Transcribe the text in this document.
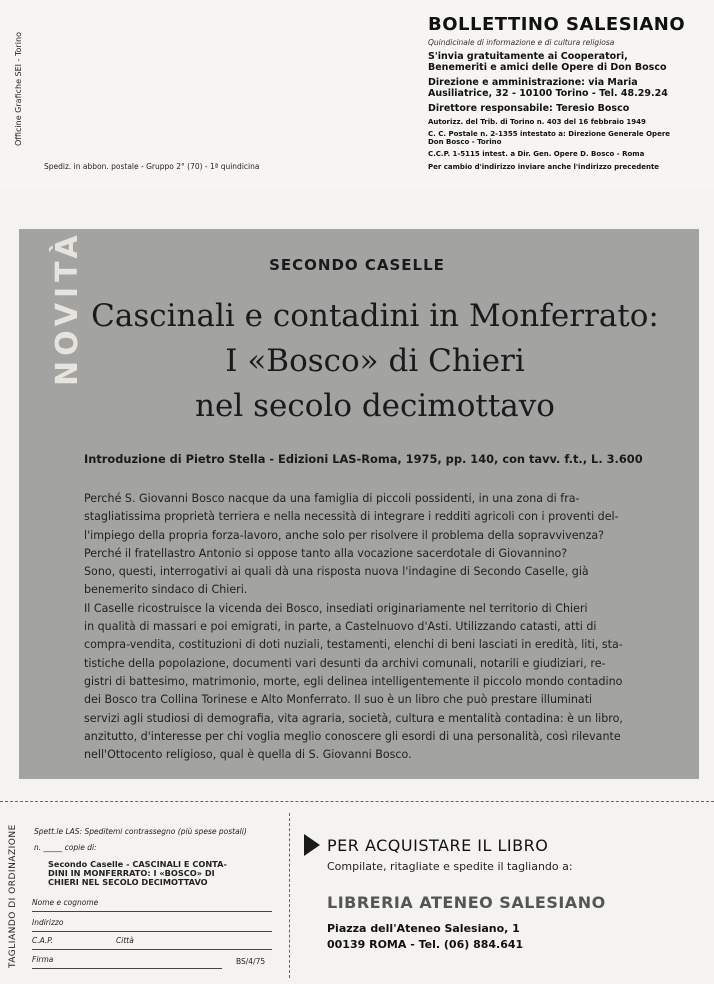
Officine Grafiche SEI - Torino
Spediz. in abbon. postale - Gruppo 2° (70) - 1ª quindicina
BOLLETTINO SALESIANO
Quindicinale di informazione e di cultura religiosa
S'invia gratuitamente ai Cooperatori, Benemeriti e amici delle Opere di Don Bosco
Direzione e amministrazione: via Maria Ausiliatrice, 32 - 10100 Torino - Tel. 48.29.24
Direttore responsabile: Teresio Bosco
Autorizz. del Trib. di Torino n. 403 del 16 febbraio 1949
C. C. Postale n. 2-1355 intestato a: Direzione Generale Opere Don Bosco - Torino
C.C.P. 1-5115 intest. a Dir. Gen. Opere D. Bosco - Roma
Per cambio d'indirizzo inviare anche l'indirizzo precedente
NOVITÀ	SECONDO CASELLE
Cascinali e contadini in Monferrato:
I «Bosco» di Chieri
nel secolo decimottavo
Introduzione di Pietro Stella - Edizioni LAS-Roma, 1975, pp. 140, con tavv. f.t., L. 3.600
Perché S. Giovanni Bosco nacque da una famiglia di piccoli possidenti, in una zona di fra-
stagliatissima proprietà terriera e nella necessità di integrare i redditi agricoli con i proventi del-
l'impiego della propria forza-lavoro, anche solo per risolvere il problema della sopravvivenza?
Perché il fratellastro Antonio si oppose tanto alla vocazione sacerdotale di Giovannino?
Sono, questi, interrogativi ai quali dà una risposta nuova l'indagine di Secondo Caselle, già
benemerito sindaco di Chieri.
Il Caselle ricostruisce la vicenda dei Bosco, insediati originariamente nel territorio di Chieri
in qualità di massari e poi emigrati, in parte, a Castelnuovo d'Asti. Utilizzando catasti, atti di
compra-vendita, costituzioni di doti nuziali, testamenti, elenchi di beni lasciati in eredità, liti, sta-
tistiche della popolazione, documenti vari desunti da archivi comunali, notarili e giudiziari, re-
gistri di battesimo, matrimonio, morte, egli delinea intelligentemente il piccolo mondo contadino
dei Bosco tra Collina Torinese e Alto Monferrato. Il suo è un libro che può prestare illuminati
servizi agli studiosi di demografia, vita agraria, società, cultura e mentalità contadina: è un libro,
anzitutto, d'interesse per chi voglia meglio conoscere gli esordi di una personalità, così rilevante
nell'Ottocento religioso, qual è quella di S. Giovanni Bosco.
TAGLIANDO DI ORDINAZIONE Spett.le LAS: Speditemi contrassegno (più spese postali)
n. _____ copie di:
Secondo Caselle - CASCINALI E CONTA-
DINI IN MONFERRATO: I «BOSCO» DI
CHIERI NEL SECOLO DECIMOTTAVO
Nome e cognome
Indirizzo
C.A.P.	Città
Firma	BS/4/75
PER ACQUISTARE IL LIBRO
Compilate, ritagliate e spedite il tagliando a:
LIBRERIA ATENEO SALESIANO
Piazza dell'Ateneo Salesiano, 1
00139 ROMA - Tel. (06) 884.641
